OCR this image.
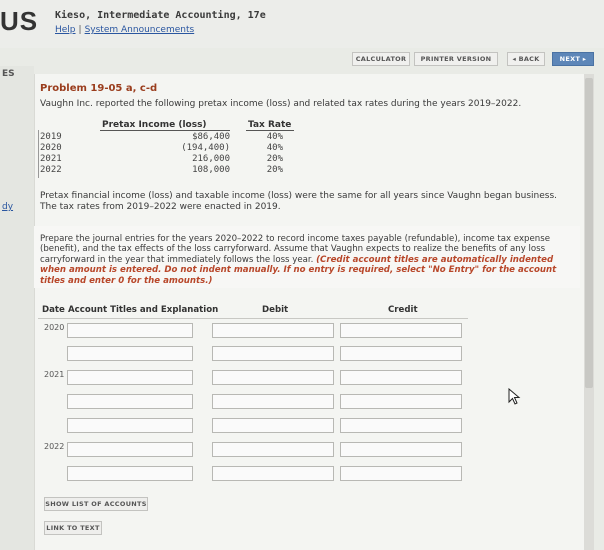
US Kieso, Intermediate Accounting, 17e
Help | System Announcements
CALCULATOR	PRINTER VERSION	◂ BACK	NEXT ▸
ES
dy
Problem 19-05 a, c-d
Vaughn Inc. reported the following pretax income (loss) and related tax rates during the years 2019–2022.
Pretax Income (loss)	Tax Rate
2019	$86,400	40%
2020	(194,400)	40%
2021	216,000	20%
2022	108,000	20%
Pretax financial income (loss) and taxable income (loss) were the same for all years since Vaughn began business. The tax rates from 2019–2022 were enacted in 2019.
Prepare the journal entries for the years 2020–2022 to record income taxes payable (refundable), income tax expense (benefit), and the tax effects of the loss carryforward. Assume that Vaughn expects to realize the benefits of any loss carryforward in the year that immediately follows the loss year. (Credit account titles are automatically indented when amount is entered. Do not indent manually. If no entry is required, select "No Entry" for the account titles and enter 0 for the amounts.)
Date Account Titles and Explanation	Debit	Credit
2020
2021
2022
SHOW LIST OF ACCOUNTS
LINK TO TEXT
